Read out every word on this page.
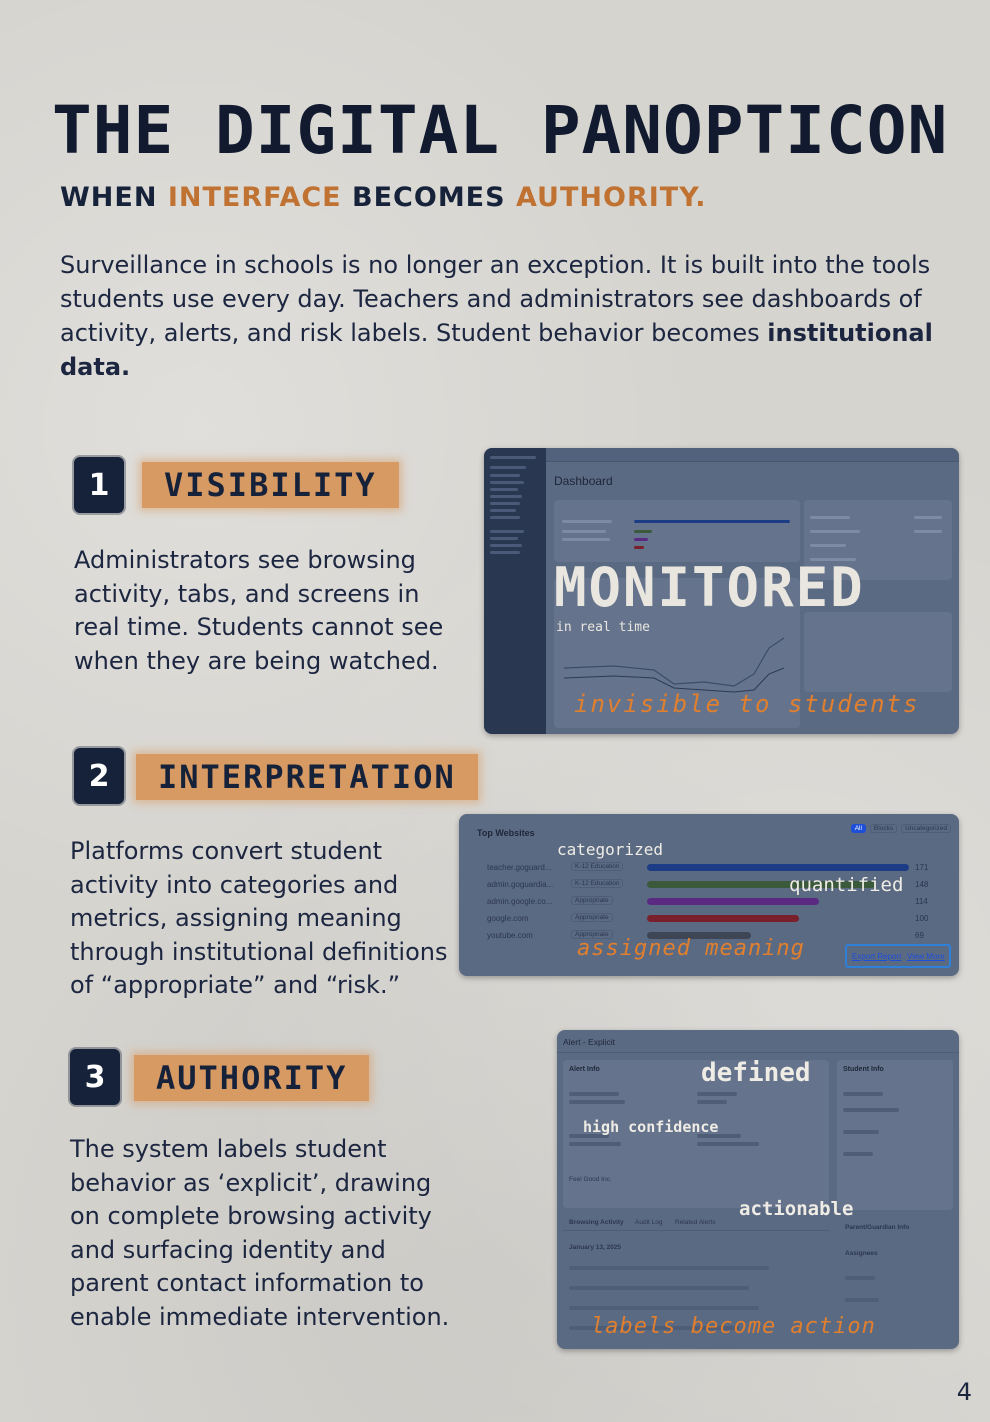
THE DIGITAL PANOPTICON
WHEN INTERFACE BECOMES AUTHORITY.

Surveillance in schools is no longer an exception. It is built into the tools students use every day. Teachers and administrators see dashboards of activity, alerts, and risk labels. Student behavior becomes institutional data.

1	VISIBILITY

Administrators see browsing activity, tabs, and screens in real time. Students cannot see when they are being watched.

Dashboard
MONITORED
in real time
invisible to students
2	INTERPRETATION

Platforms convert student activity into categories and metrics, assigning meaning through institutional definitions of “appropriate” and “risk.”

Top Websites	All	Blocks	Uncategorized
teacher.goguard...	K-12 Education	171
admin.goguardia...	K-12 Education	148
admin.google.co...	Appropriate	114
google.com	Appropriate	100
youtube.com	Appropriate	69
Export Report View More
categorized
quantified
assigned meaning
3	AUTHORITY

The system labels student behavior as ‘explicit’, drawing on complete browsing activity and surfacing identity and parent contact information to enable immediate intervention.

Alert - Explicit
Alert Info
Feel Good Inc.
Student Info
Browsing Activity Audit Log Related Alerts
January 13, 2025
Parent/Guardian Info
Assignees
defined
high confidence
actionable
labels become action
4
